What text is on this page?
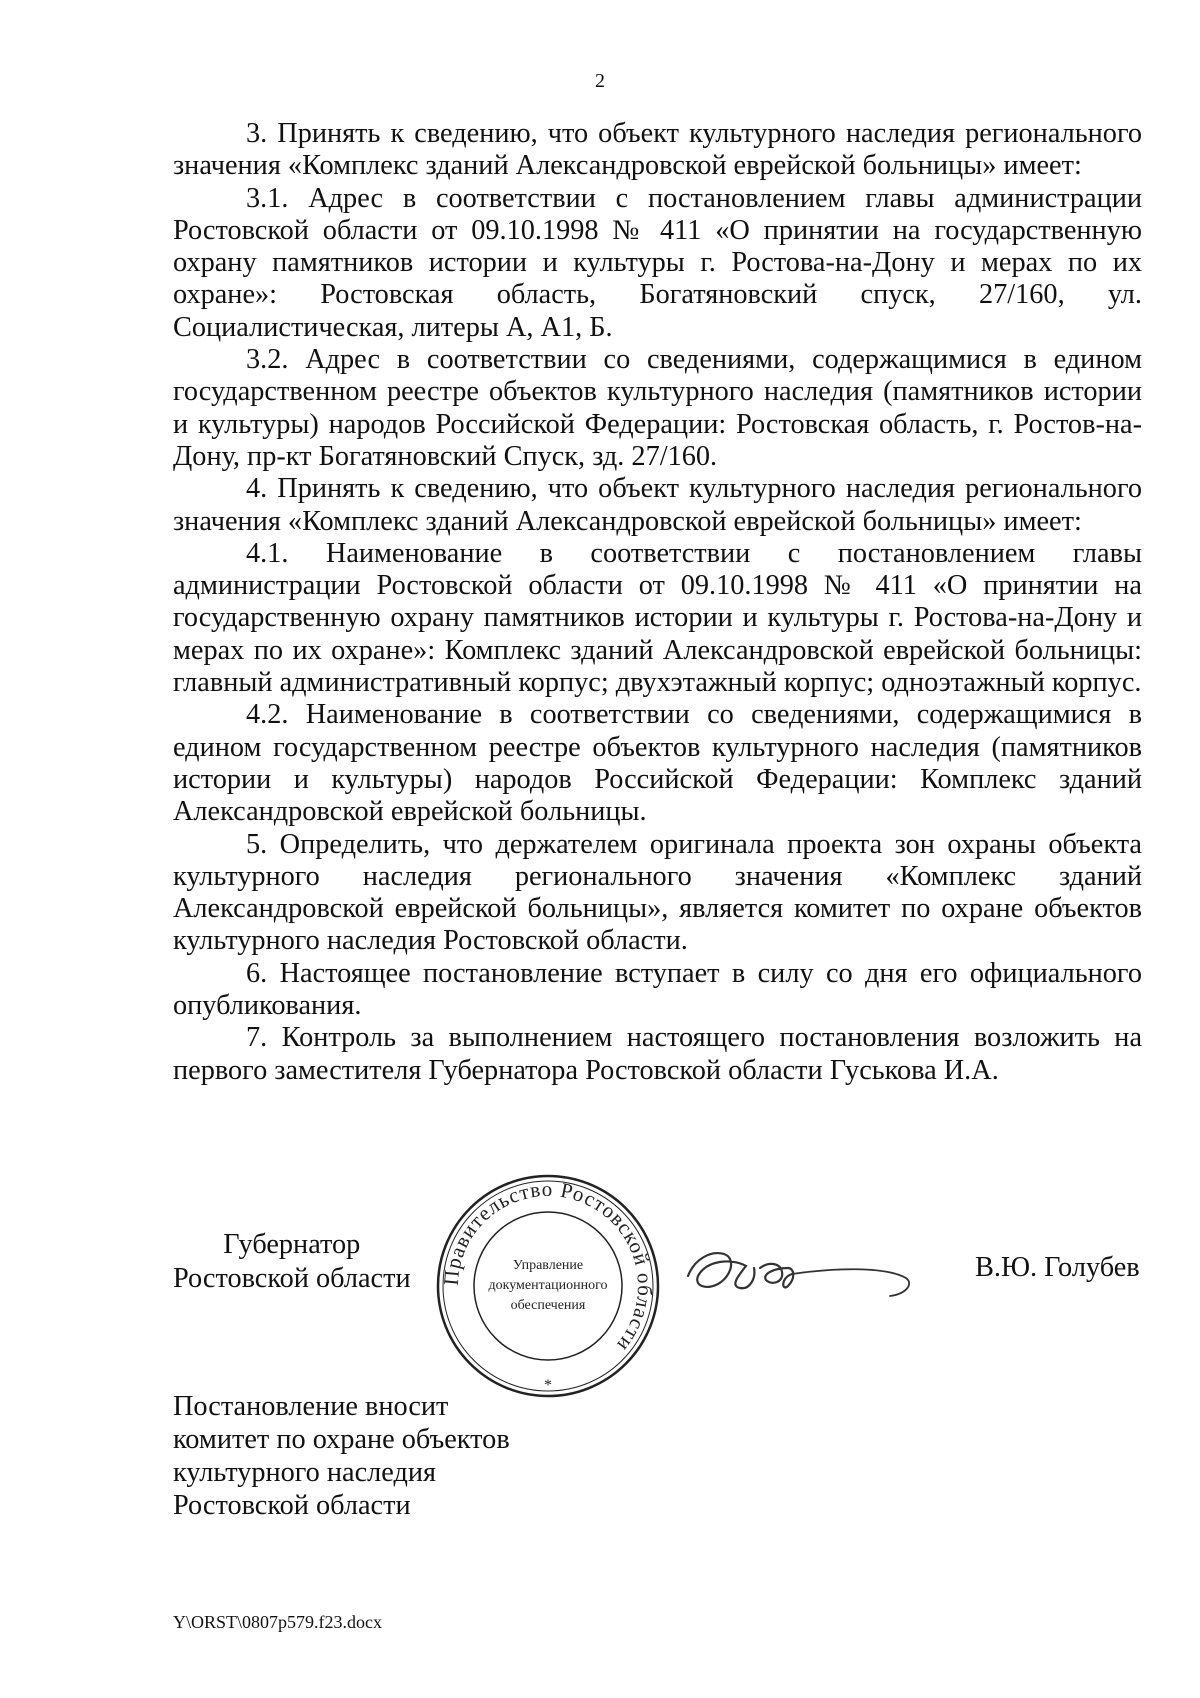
2

3. Принять к сведению, что объект культурного наследия регионального значения «Комплекс зданий Александровской еврейской больницы» имеет:

3.1. Адрес в соответствии с постановлением главы администрации Ростовской области от 09.10.1998 № 411 «О принятии на государственную охрану памятников истории и культуры г. Ростова-на-Дону и мерах по их охране»: Ростовская область, Богатяновский спуск, 27/160, ул. Социалистическая, литеры А, А1, Б.

3.2. Адрес в соответствии со сведениями, содержащимися в едином государственном реестре объектов культурного наследия (памятников истории и культуры) народов Российской Федерации: Ростовская область, г. Ростов-на-Дону, пр-кт Богатяновский Спуск, зд. 27/160.

4. Принять к сведению, что объект культурного наследия регионального значения «Комплекс зданий Александровской еврейской больницы» имеет:

4.1. Наименование в соответствии с постановлением главы администрации Ростовской области от 09.10.1998 № 411 «О принятии на государственную охрану памятников истории и культуры г. Ростова-на-Дону и мерах по их охране»: Комплекс зданий Александровской еврейской больницы: главный административный корпус; двухэтажный корпус; одноэтажный корпус.

4.2. Наименование в соответствии со сведениями, содержащимися в едином государственном реестре объектов культурного наследия (памятников истории и культуры) народов Российской Федерации: Комплекс зданий Александровской еврейской больницы.

5. Определить, что держателем оригинала проекта зон охраны объекта культурного наследия регионального значения «Комплекс зданий Александровской еврейской больницы», является комитет по охране объектов культурного наследия Ростовской области.

6. Настоящее постановление вступает в силу со дня его официального опубликования.

7. Контроль за выполнением настоящего постановления возложить на первого заместителя Губернатора Ростовской области Гуськова И.А.

Губернатор
Ростовской области Правительство Ростовской области
Управление
документационного
обеспечения
*
В.Ю. Голубев
Постановление вносит
комитет по охране объектов
культурного наследия
Ростовской области
Y\ORST\0807p579.f23.docx
